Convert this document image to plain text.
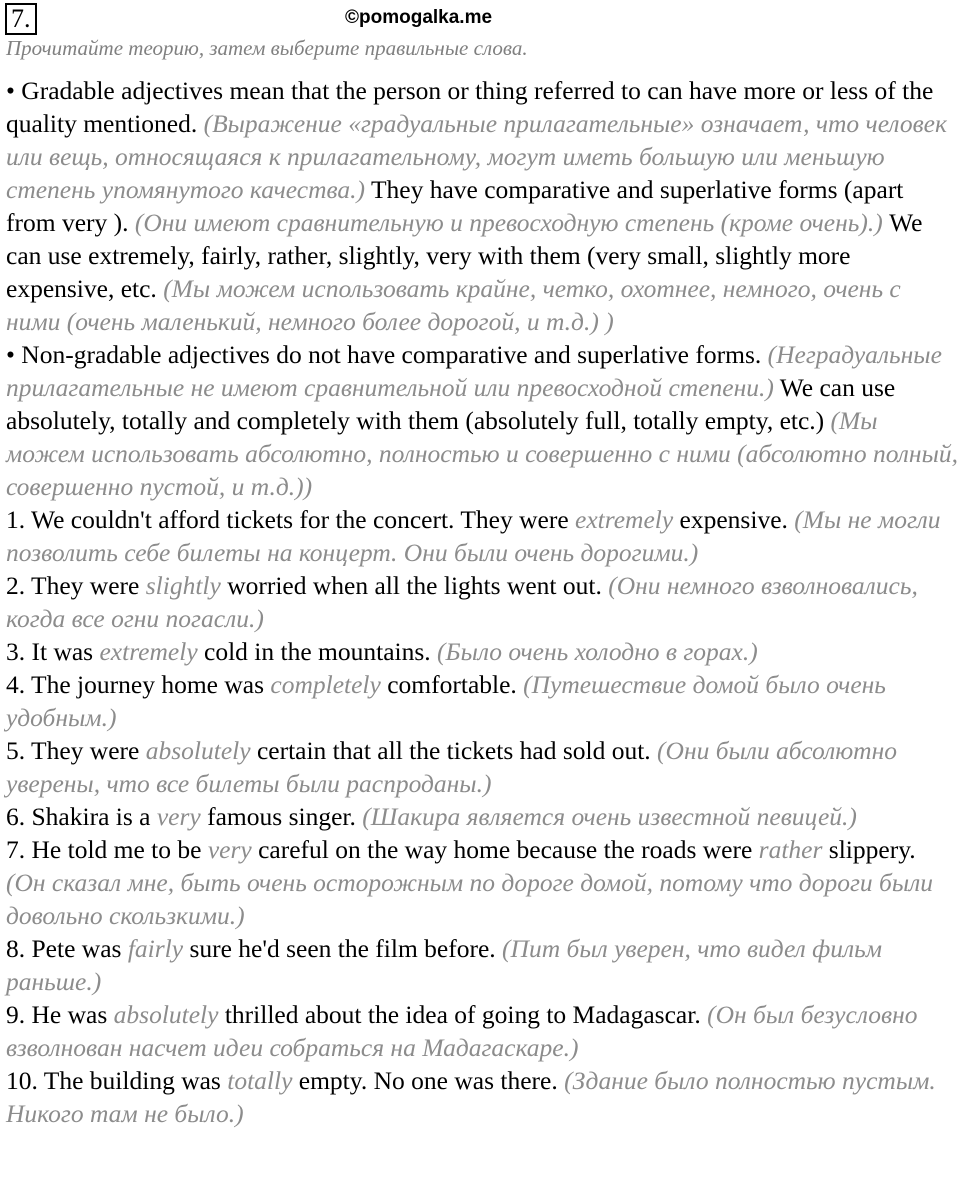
7.	©pomogalka.me
Прочитайте теорию, затем выберите правильные слова.

• Gradable adjectives mean that the person or thing referred to can have more or less of the quality mentioned. (Выражение «градуальные прилагательные» означает, что человек или вещь, относящаяся к прилагательному, могут иметь большую или меньшую степень упомянутого качества.) They have comparative and superlative forms (apart from very ). (Они имеют сравнительную и превосходную степень (кроме очень).) We can use extremely, fairly, rather, slightly, very with them (very small, slightly more expensive, etc. (Мы можем использовать крайне, четко, охотнее, немного, очень с ними (очень маленький, немного более дорогой, и т.д.) )

• Non-gradable adjectives do not have comparative and superlative forms. (Неградуальные прилагательные не имеют сравнительной или превосходной степени.) We can use absolutely, totally and completely with them (absolutely full, totally empty, etc.) (Мы можем использовать абсолютно, полностью и совершенно с ними (абсолютно полный, совершенно пустой, и т.д.))

1. We couldn't afford tickets for the concert. They were extremely expensive. (Мы не могли позволить себе билеты на концерт. Они были очень дорогими.)

2. They were slightly worried when all the lights went out. (Они немного взволновались, когда все огни погасли.)

3. It was extremely cold in the mountains. (Было очень холодно в горах.)

4. The journey home was completely comfortable. (Путешествие домой было очень удобным.)

5. They were absolutely certain that all the tickets had sold out. (Они были абсолютно уверены, что все билеты были распроданы.)

6. Shakira is a very famous singer. (Шакира является очень известной певицей.)

7. He told me to be very careful on the way home because the roads were rather slippery. (Он сказал мне, быть очень осторожным по дороге домой, потому что дороги были довольно скользкими.)

8. Pete was fairly sure he'd seen the film before. (Пит был уверен, что видел фильм раньше.)

9. He was absolutely thrilled about the idea of going to Madagascar. (Он был безусловно взволнован насчет идеи собраться на Мадагаскаре.)

10. The building was totally empty. No one was there. (Здание было полностью пустым. Никого там не было.)
